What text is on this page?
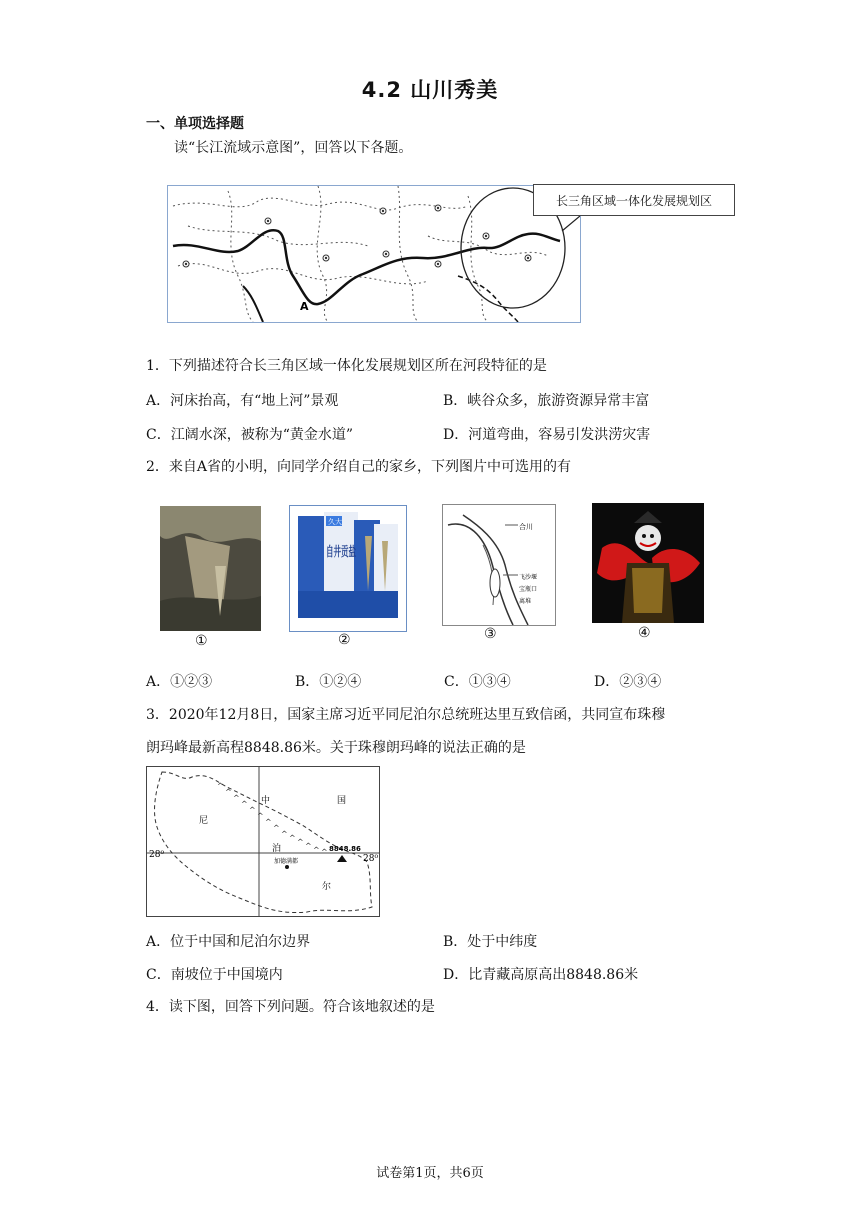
4.2 山川秀美
一、单项选择题
读“长江流域示意图”，回答以下各题。
A
长三角区域一体化发展规划区
1．下列描述符合长三角区域一体化发展规划区所在河段特征的是
A．河床抬高，有“地上河”景观	B．峡谷众多，旅游资源异常丰富
C．江阔水深，被称为“黄金水道”	D．河道弯曲，容易引发洪涝灾害
2．来自A省的小明，向同学介绍自己的家乡，下列图片中可选用的有
①
久大
自井贡盐
②
合川
飞沙堰
宝瓶口
离堆
③	④
A．①②③	B．①②④	C．①③④	D．②③④
3．2020年12月8日，国家主席习近平同尼泊尔总统班达里互致信函，共同宣布珠穆
朗玛峰最新高程8848.86米。关于珠穆朗玛峰的说法正确的是
^
^
^
^
^
^
^
^
^ ^ ^ ^ ^ ^
28⁰	28⁰
8848.86
加德满都
中	国
尼
泊
尔
A．位于中国和尼泊尔边界	B．处于中纬度
C．南坡位于中国境内	D．比青藏高原高出8848.86米
4．读下图，回答下列问题。符合该地叙述的是
试卷第1页，共6页
